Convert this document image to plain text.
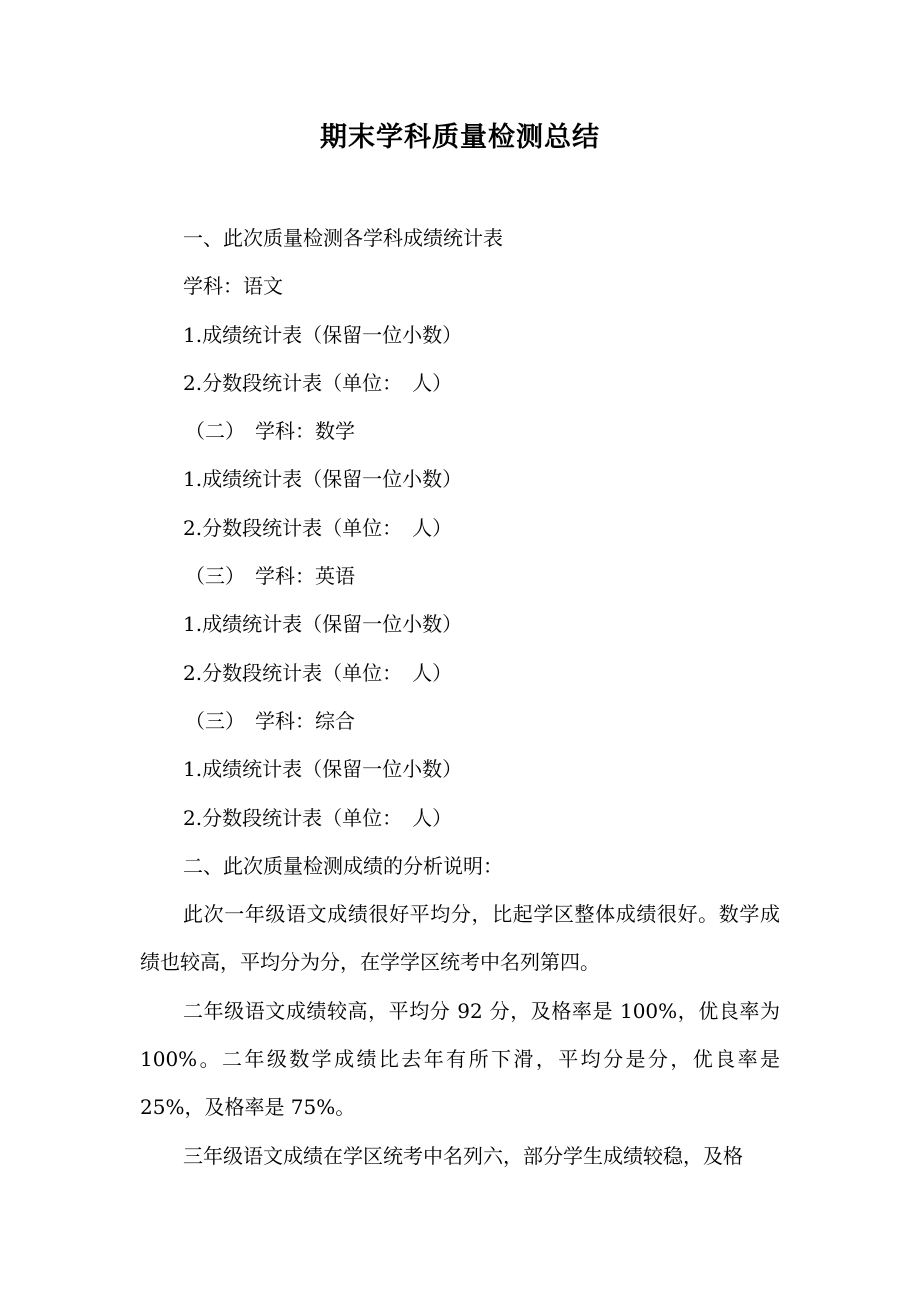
期末学科质量检测总结
一、此次质量检测各学科成绩统计表
学科：语文
1.成绩统计表（保留一位小数）
2.分数段统计表（单位：　人）
（二）　学科：数学
1.成绩统计表（保留一位小数）
2.分数段统计表（单位：　人）
（三）　学科：英语
1.成绩统计表（保留一位小数）
2.分数段统计表（单位：　人）
（三）　学科：综合
1.成绩统计表（保留一位小数）
2.分数段统计表（单位：　人）
二、此次质量检测成绩的分析说明：

此次一年级语文成绩很好平均分，比起学区整体成绩很好。数学成绩也较高，平均分为分，在学学区统考中名列第四。

二年级语文成绩较高，平均分 92 分，及格率是 100%，优良率为 100%。二年级数学成绩比去年有所下滑，平均分是分，优良率是 25%，及格率是 75%。

三年级语文成绩在学区统考中名列六，部分学生成绩较稳，及格
